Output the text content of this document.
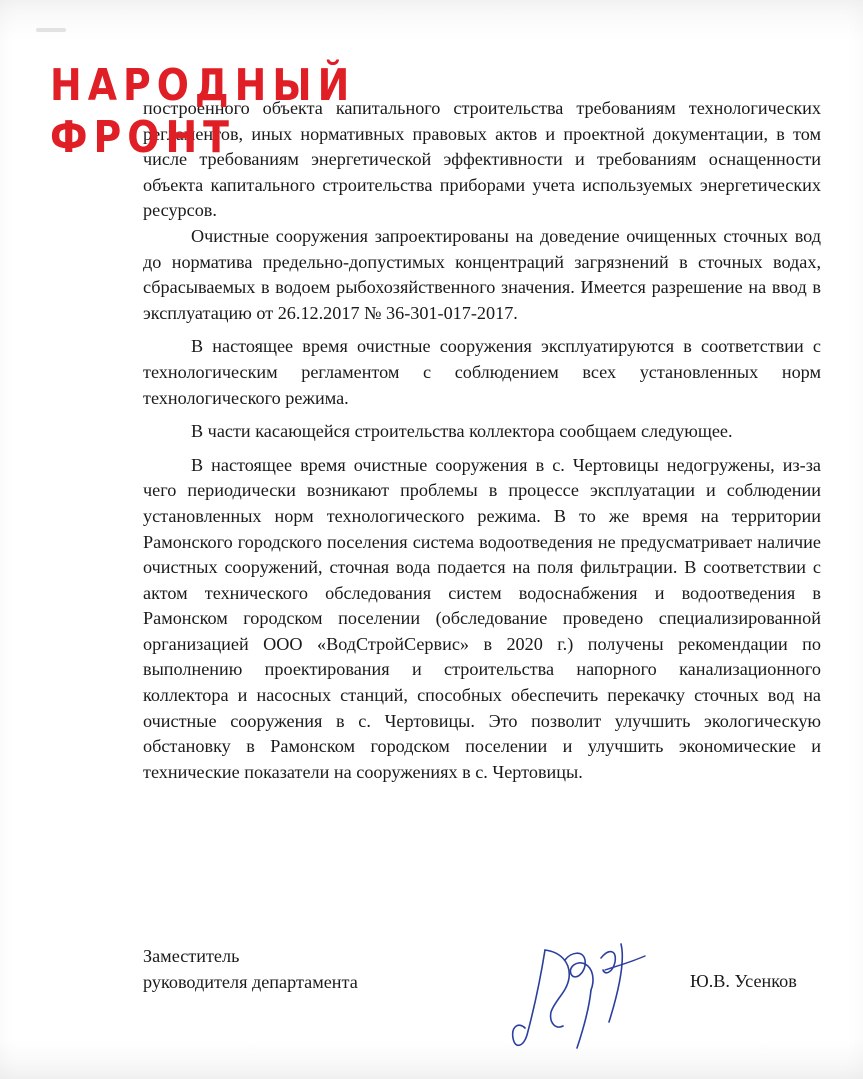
НАРОДНЫЙ
ФРОНТ

построенного объекта капитального строительства требованиям технологических регламентов, иных нормативных правовых актов и проектной документации, в том числе требованиям энергетической эффективности и требованиям оснащенности объекта капитального строительства приборами учета используемых энергетических ресурсов.

Очистные сооружения запроектированы на доведение очищенных сточных вод до норматива предельно-допустимых концентраций загрязнений в сточных водах, сбрасываемых в водоем рыбохозяйственного значения. Имеется разрешение на ввод в эксплуатацию от 26.12.2017 № 36-301-017-2017.

В настоящее время очистные сооружения эксплуатируются в соответствии с технологическим регламентом с соблюдением всех установленных норм технологического режима.

В части касающейся строительства коллектора сообщаем следующее.

В настоящее время очистные сооружения в с. Чертовицы недогружены, из-за чего периодически возникают проблемы в процессе эксплуатации и соблюдении установленных норм технологического режима. В то же время на территории Рамонского городского поселения система водоотведения не предусматривает наличие очистных сооружений, сточная вода подается на поля фильтрации. В соответствии с актом технического обследования систем водоснабжения и водоотведения в Рамонском городском поселении (обследование проведено специализированной организацией ООО «ВодСтройСервис» в 2020 г.) получены рекомендации по выполнению проектирования и строительства напорного канализационного коллектора и насосных станций, способных обеспечить перекачку сточных вод на очистные сооружения в с. Чертовицы. Это позволит улучшить экологическую обстановку в Рамонском городском поселении и улучшить экономические и технические показатели на сооружениях в с. Чертовицы.

Заместитель
руководителя департамента	Ю.В. Усенков
